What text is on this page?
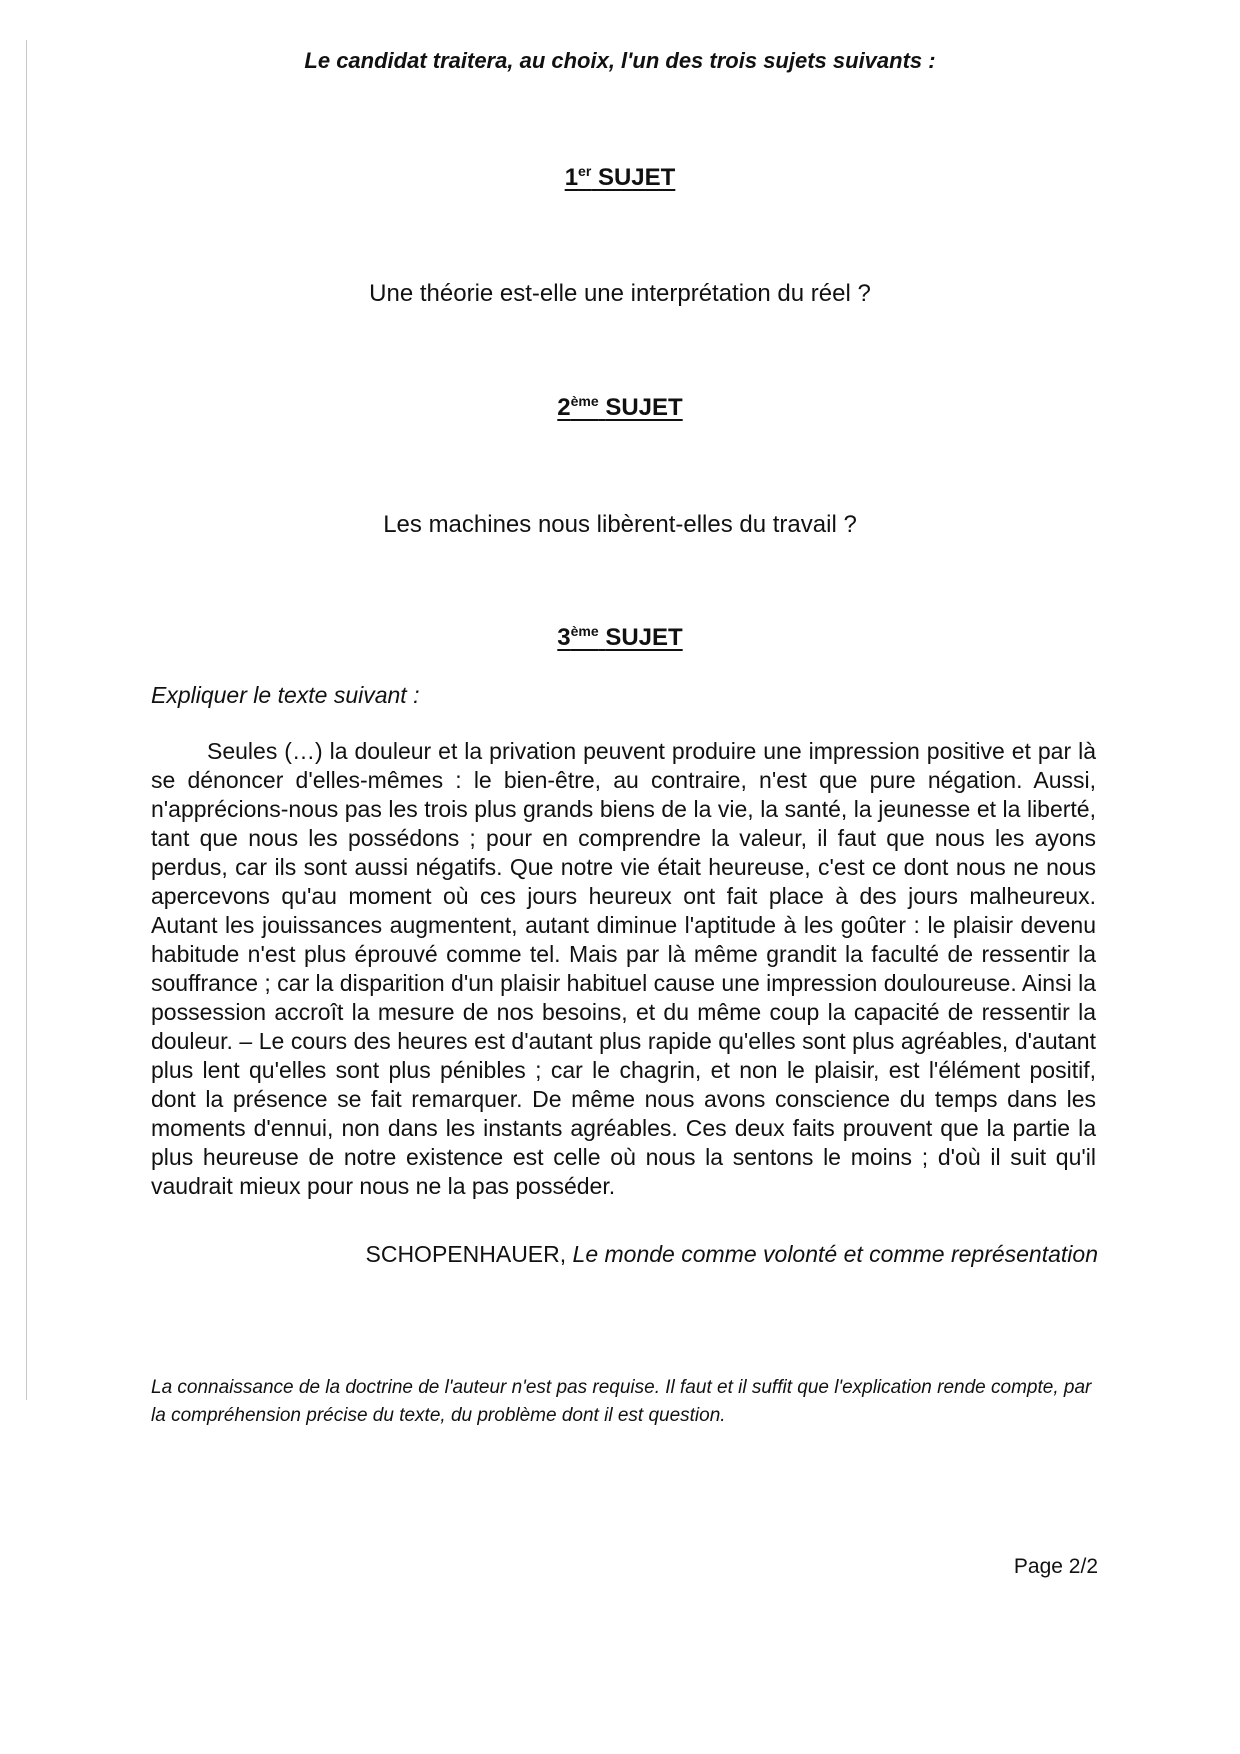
Le candidat traitera, au choix, l'un des trois sujets suivants :
1er SUJET
Une théorie est-elle une interprétation du réel ?
2ème SUJET
Les machines nous libèrent-elles du travail ?
3ème SUJET
Expliquer le texte suivant :

Seules (…) la douleur et la privation peuvent produire une impression positive et par là se dénoncer d'elles-mêmes : le bien-être, au contraire, n'est que pure négation. Aussi, n'apprécions-nous pas les trois plus grands biens de la vie, la santé, la jeunesse et la liberté, tant que nous les possédons ; pour en comprendre la valeur, il faut que nous les ayons perdus, car ils sont aussi négatifs. Que notre vie était heureuse, c'est ce dont nous ne nous apercevons qu'au moment où ces jours heureux ont fait place à des jours malheureux. Autant les jouissances augmentent, autant diminue l'aptitude à les goûter : le plaisir devenu habitude n'est plus éprouvé comme tel. Mais par là même grandit la faculté de ressentir la souffrance ; car la disparition d'un plaisir habituel cause une impression douloureuse. Ainsi la possession accroît la mesure de nos besoins, et du même coup la capacité de ressentir la douleur. – Le cours des heures est d'autant plus rapide qu'elles sont plus agréables, d'autant plus lent qu'elles sont plus pénibles ; car le chagrin, et non le plaisir, est l'élément positif, dont la présence se fait remarquer. De même nous avons conscience du temps dans les moments d'ennui, non dans les instants agréables. Ces deux faits prouvent que la partie la plus heureuse de notre existence est celle où nous la sentons le moins ; d'où il suit qu'il vaudrait mieux pour nous ne la pas posséder.

SCHOPENHAUER, Le monde comme volonté et comme représentation

La connaissance de la doctrine de l'auteur n'est pas requise. Il faut et il suffit que l'explication rende compte, par la compréhension précise du texte, du problème dont il est question.

Page 2/2
